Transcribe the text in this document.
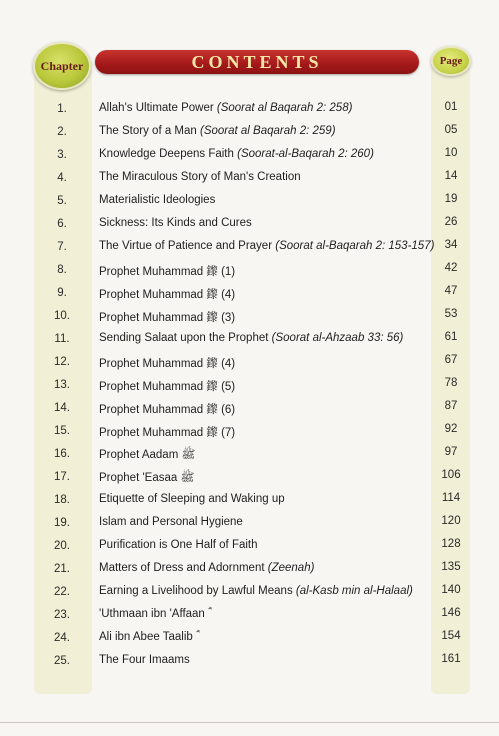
Chapter	CONTENTS	Page
1.	Allah's Ultimate Power (Soorat al Baqarah 2: 258)	01
2.	The Story of a Man (Soorat al Baqarah 2: 259)	05
3.	Knowledge Deepens Faith (Soorat-al-Baqarah 2: 260)	10
4.	The Miraculous Story of Man's Creation	14
5.	Materialistic Ideologies	19
6.	Sickness: Its Kinds and Cures	26
7.	The Virtue of Patience and Prayer (Soorat al-Baqarah 2: 153-157) 34
8.	Prophet Muhammad 鑗 (1)	42
9.	Prophet Muhammad 鑗 (4)	47
10.	Prophet Muhammad 鑗 (3)	53
11.	Sending Salaat upon the Prophet (Soorat al-Ahzaab 33: 56)	61
12.	Prophet Muhammad 鑗 (4)	67
13.	Prophet Muhammad 鑗 (5)	78
14.	Prophet Muhammad 鑗 (6)	87
15.	Prophet Muhammad 鑗 (7)	92
16.	Prophet Aadam ﷺ	97
17.	Prophet 'Easaa ﷺ	106
18.	Etiquette of Sleeping and Waking up	114
19.	Islam and Personal Hygiene	120
20.	Purification is One Half of Faith	128
21.	Matters of Dress and Adornment (Zeenah)	135
22.	Earning a Livelihood by Lawful Means (al-Kasb min al-Halaal)	140
23.	'Uthmaan ibn 'Affaan ؓ	146
24.	Ali ibn Abee Taalib ؓ	154
25.	The Four Imaams	161
